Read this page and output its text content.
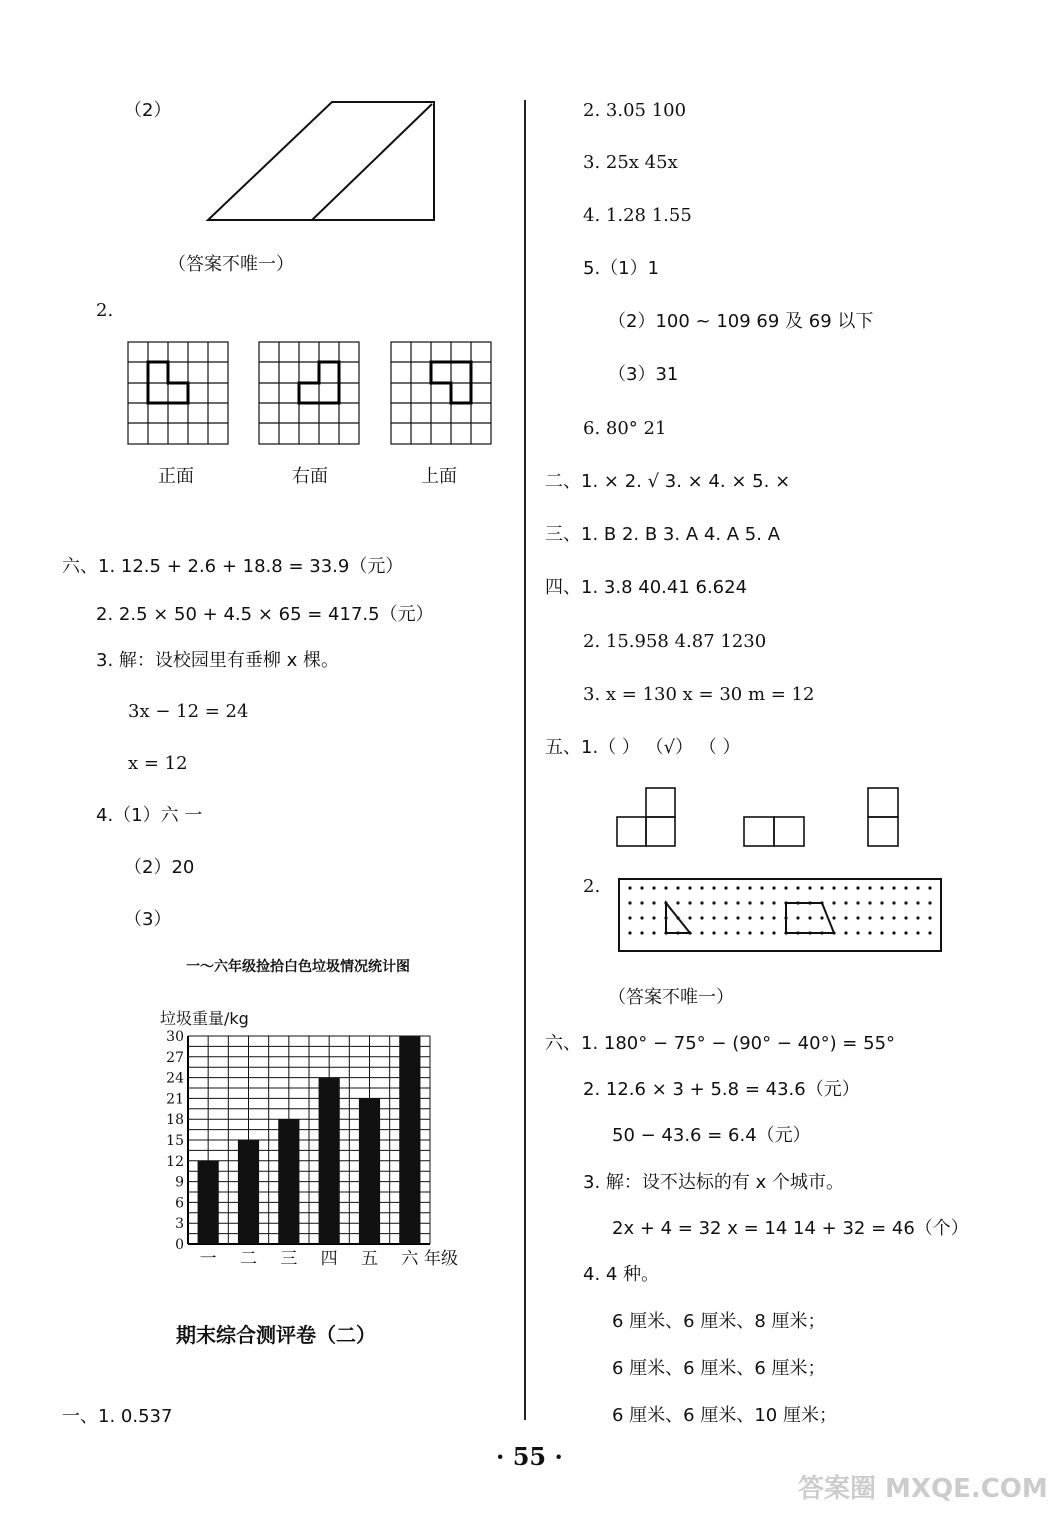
（2）
（答案不唯一）
2.
正面	右面	上面
六、1. 12.5 + 2.6 + 18.8 = 33.9（元）
2. 2.5 × 50 + 4.5 × 65 = 417.5（元）
3. 解：设校园里有垂柳 x 棵。
3x − 12 = 24
x = 12
4.（1）六 一
（2）20
（3）
一～六年级捡拾白色垃圾情况统计图
垃圾重量/kg
0
3
6
9
12
15
18
21
24
27
30
一 二 三 四 五 六 年级
期末综合测评卷（二）
一、1. 0.537
2. 3.05 100
3. 25x 45x
4. 1.28 1.55
5.（1）1
（2）100 ~ 109 69 及 69 以下
（3）31
6. 80° 21
二、1. × 2. √ 3. × 4. × 5. ×
三、1. B 2. B 3. A 4. A 5. A
四、1. 3.8 40.41 6.624
2. 15.958 4.87 1230
3. x = 130 x = 30 m = 12
五、1.（ ） （√） （ ）
2.
（答案不唯一）
六、1. 180° − 75° − (90° − 40°) = 55°
2. 12.6 × 3 + 5.8 = 43.6（元）
50 − 43.6 = 6.4（元）
3. 解：设不达标的有 x 个城市。
2x + 4 = 32 x = 14 14 + 32 = 46（个）
4. 4 种。
6 厘米、6 厘米、8 厘米；
6 厘米、6 厘米、6 厘米；
6 厘米、6 厘米、10 厘米；
· 55 ·
答案圈 MXQE.COM
